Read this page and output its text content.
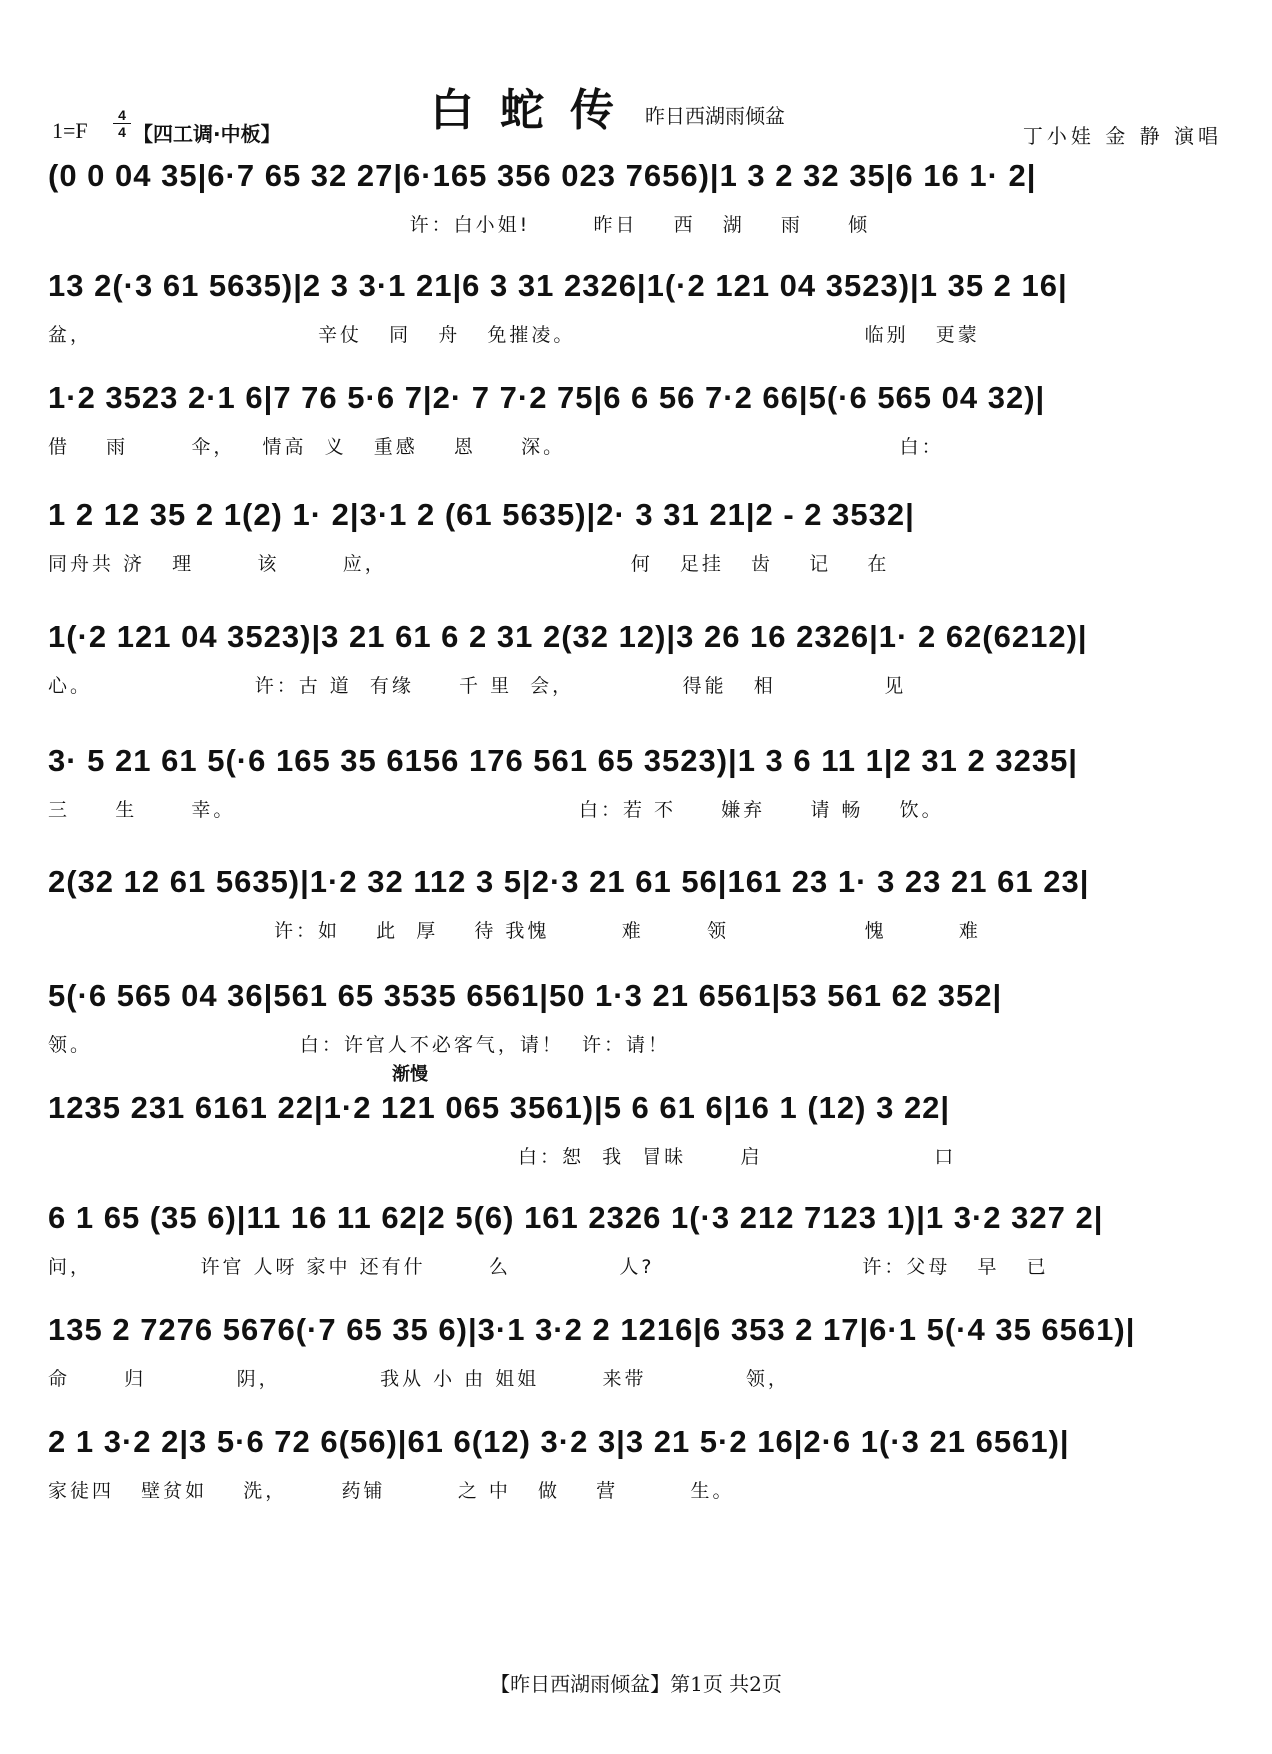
白蛇传 昨日西湖雨倾盆
1=F
4
4 【四工调·中板】	丁小娃 金 静 演唱
(0 0 04 35|6·7 65 32 27|6·165 356 023 7656)|1 3 2 32 35|6 16 1· 2|
许：白小姐!       昨日    西   湖    雨     倾
13 2(·3 61 5635)|2 3 3·1 21|6 3 31 2326|1(·2 121 04 3523)|1 35 2 16|
盆，                         辛仗   同   舟   免摧凌。                                临别   更蒙
1·2 3523 2·1 6|7 76 5·6 7|2· 7 7·2 75|6 6 56 7·2 66|5(·6 565 04 32)|
借    雨       伞，   情高  义   重感    恩     深。                                     白：
1 2 12 35 2 1(2) 1· 2|3·1 2 (61 5635)|2· 3 31 21|2 - 2 3532|
同舟共 济   理       该       应，                           何   足挂   齿    记    在
1(·2 121 04 3523)|3 21 61 6 2 31 2(32 12)|3 26 16 2326|1· 2 62(6212)|
心。                  许：古 道  有缘     千 里  会，            得能   相            见
3· 5 21 61 5(·6 165 35 6156 176 561 65 3523)|1 3 6 11 1|2 31 2 3235|
三     生      幸。                                      白：若 不     嫌弃     请 畅    饮。
2(32 12 61 5635)|1·2 32 112 3 5|2·3 21 61 56|161 23 1· 3 23 21 61 23|
许：如    此  厚    待 我愧        难       领               愧        难
5(·6 565 04 36|561 65 3535 6561|50 1·3 21 6561|53 561 62 352|
领。                       白：许官人不必客气，请！  许：请！
渐慢
1235 231 6161 22|1·2 121 065 3561)|5 6 61 6|16 1 (12) 3 22|
白：恕  我  冒昧      启                   口
6 1 65 (35 6)|11 16 11 62|2 5(6) 161 2326 1(·3 212 7123 1)|1 3·2 327 2|
问，            许官 人呀 家中 还有什       么            人?                       许：父母   早   已
135 2 7276 5676(·7 65 35 6)|3·1 3·2 2 1216|6 353 2 17|6·1 5(·4 35 6561)|
命      归          阴，           我从 小 由 姐姐       来带           领，
2 1 3·2 2|3 5·6 72 6(56)|61 6(12) 3·2 3|3 21 5·2 16|2·6 1(·3 21 6561)|
家徒四   壁贫如    洗，      药铺        之 中   做    营        生。
【昨日西湖雨倾盆】第1页 共2页
